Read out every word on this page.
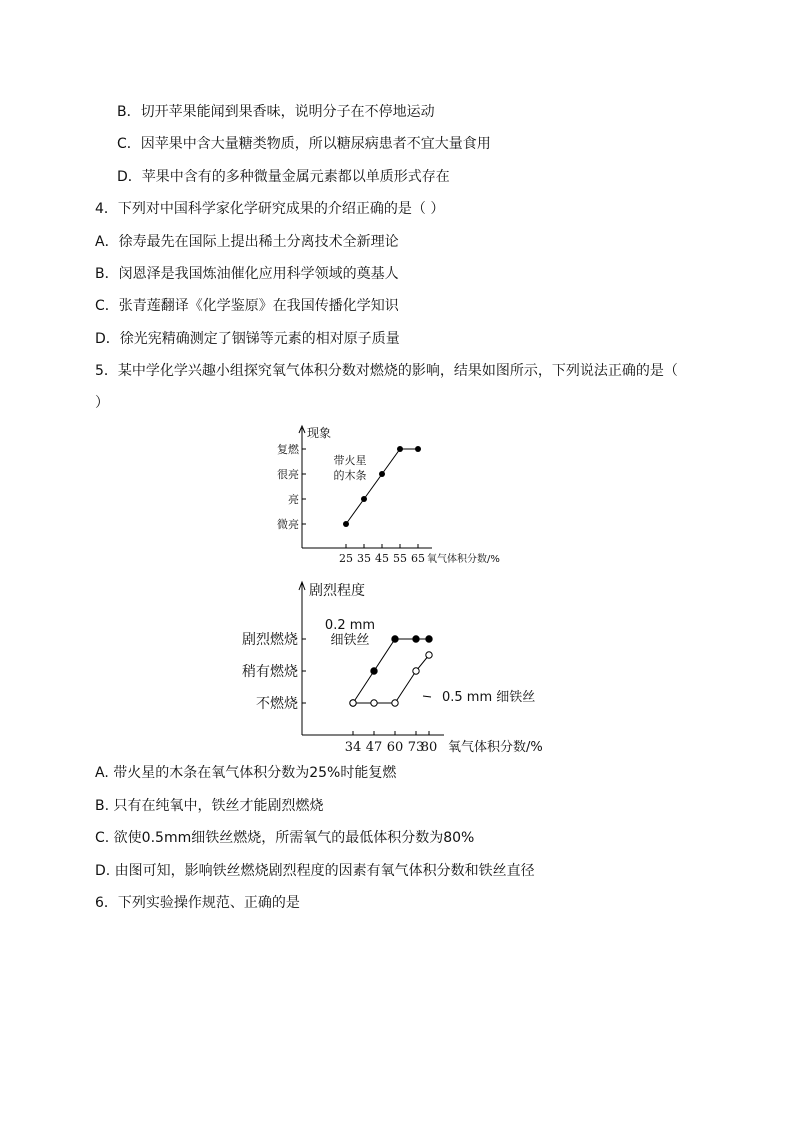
B．切开苹果能闻到果香味，说明分子在不停地运动
C．因苹果中含大量糖类物质，所以糖尿病患者不宜大量食用
D．苹果中含有的多种微量金属元素都以单质形式存在
4．下列对中国科学家化学研究成果的介绍正确的是（ ）
A．徐寿最先在国际上提出稀土分离技术全新理论
B．闵恩泽是我国炼油催化应用科学领域的奠基人
C．张青莲翻译《化学鉴原》在我国传播化学知识
D．徐光宪精确测定了铟锑等元素的相对原子质量
5．某中学化学兴趣小组探究氧气体积分数对燃烧的影响，结果如图所示，下列说法正确的是（
）
现象
微亮
亮
很亮
复燃
25 35 45 55 65 氧气体积分数/%
带火星
的木条
剧烈程度
不燃烧
稍有燃烧
剧烈燃烧
34 47 60 73
80 氧气体积分数/%
0.2 mm
细铁丝
0.5 mm 细铁丝
A. 带火星的木条在氧气体积分数为25%时能复燃
B. 只有在纯氧中，铁丝才能剧烈燃烧
C. 欲使0.5mm细铁丝燃烧，所需氧气的最低体积分数为80%
D. 由图可知，影响铁丝燃烧剧烈程度的因素有氧气体积分数和铁丝直径
6．下列实验操作规范、正确的是
